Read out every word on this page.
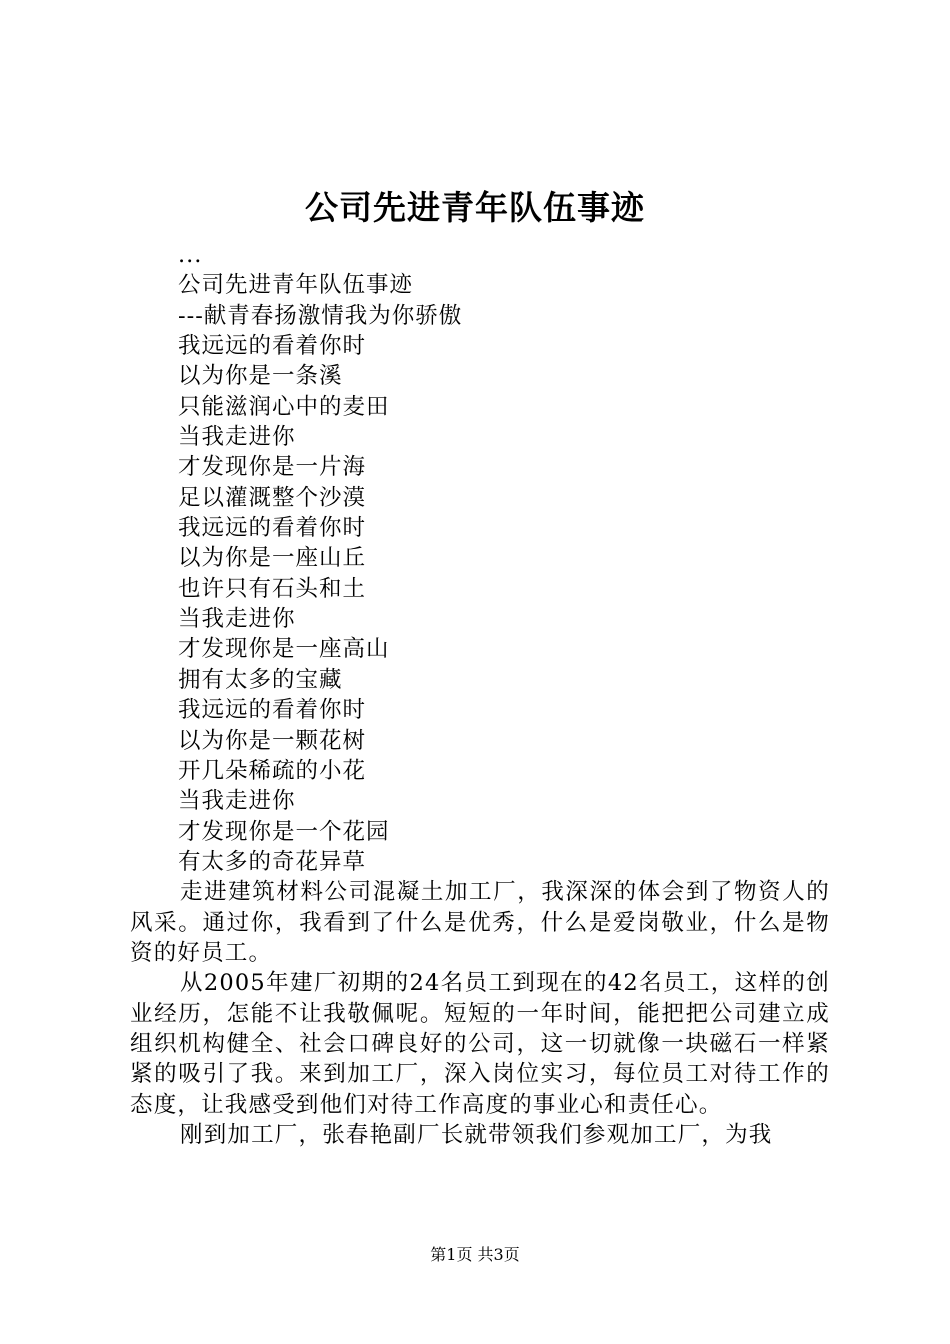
公司先进青年队伍事迹
...
公司先进青年队伍事迹
---献青春扬激情我为你骄傲
我远远的看着你时
以为你是一条溪
只能滋润心中的麦田
当我走进你
才发现你是一片海
足以灌溉整个沙漠
我远远的看着你时
以为你是一座山丘
也许只有石头和土
当我走进你
才发现你是一座高山
拥有太多的宝藏
我远远的看着你时
以为你是一颗花树
开几朵稀疏的小花
当我走进你
才发现你是一个花园
有太多的奇花异草
走进建筑材料公司混凝土加工厂，我深深的体会到了物资人的风采。通过你，我看到了什么是优秀，什么是爱岗敬业，什么是物资的好员工。
从2005年建厂初期的24名员工到现在的42名员工，这样的创业经历，怎能不让我敬佩呢。短短的一年时间，能把把公司建立成组织机构健全、社会口碑良好的公司，这一切就像一块磁石一样紧紧的吸引了我。来到加工厂，深入岗位实习，每位员工对待工作的态度，让我感受到他们对待工作高度的事业心和责任心。
刚到加工厂，张春艳副厂长就带领我们参观加工厂，为我
第1页 共3页
